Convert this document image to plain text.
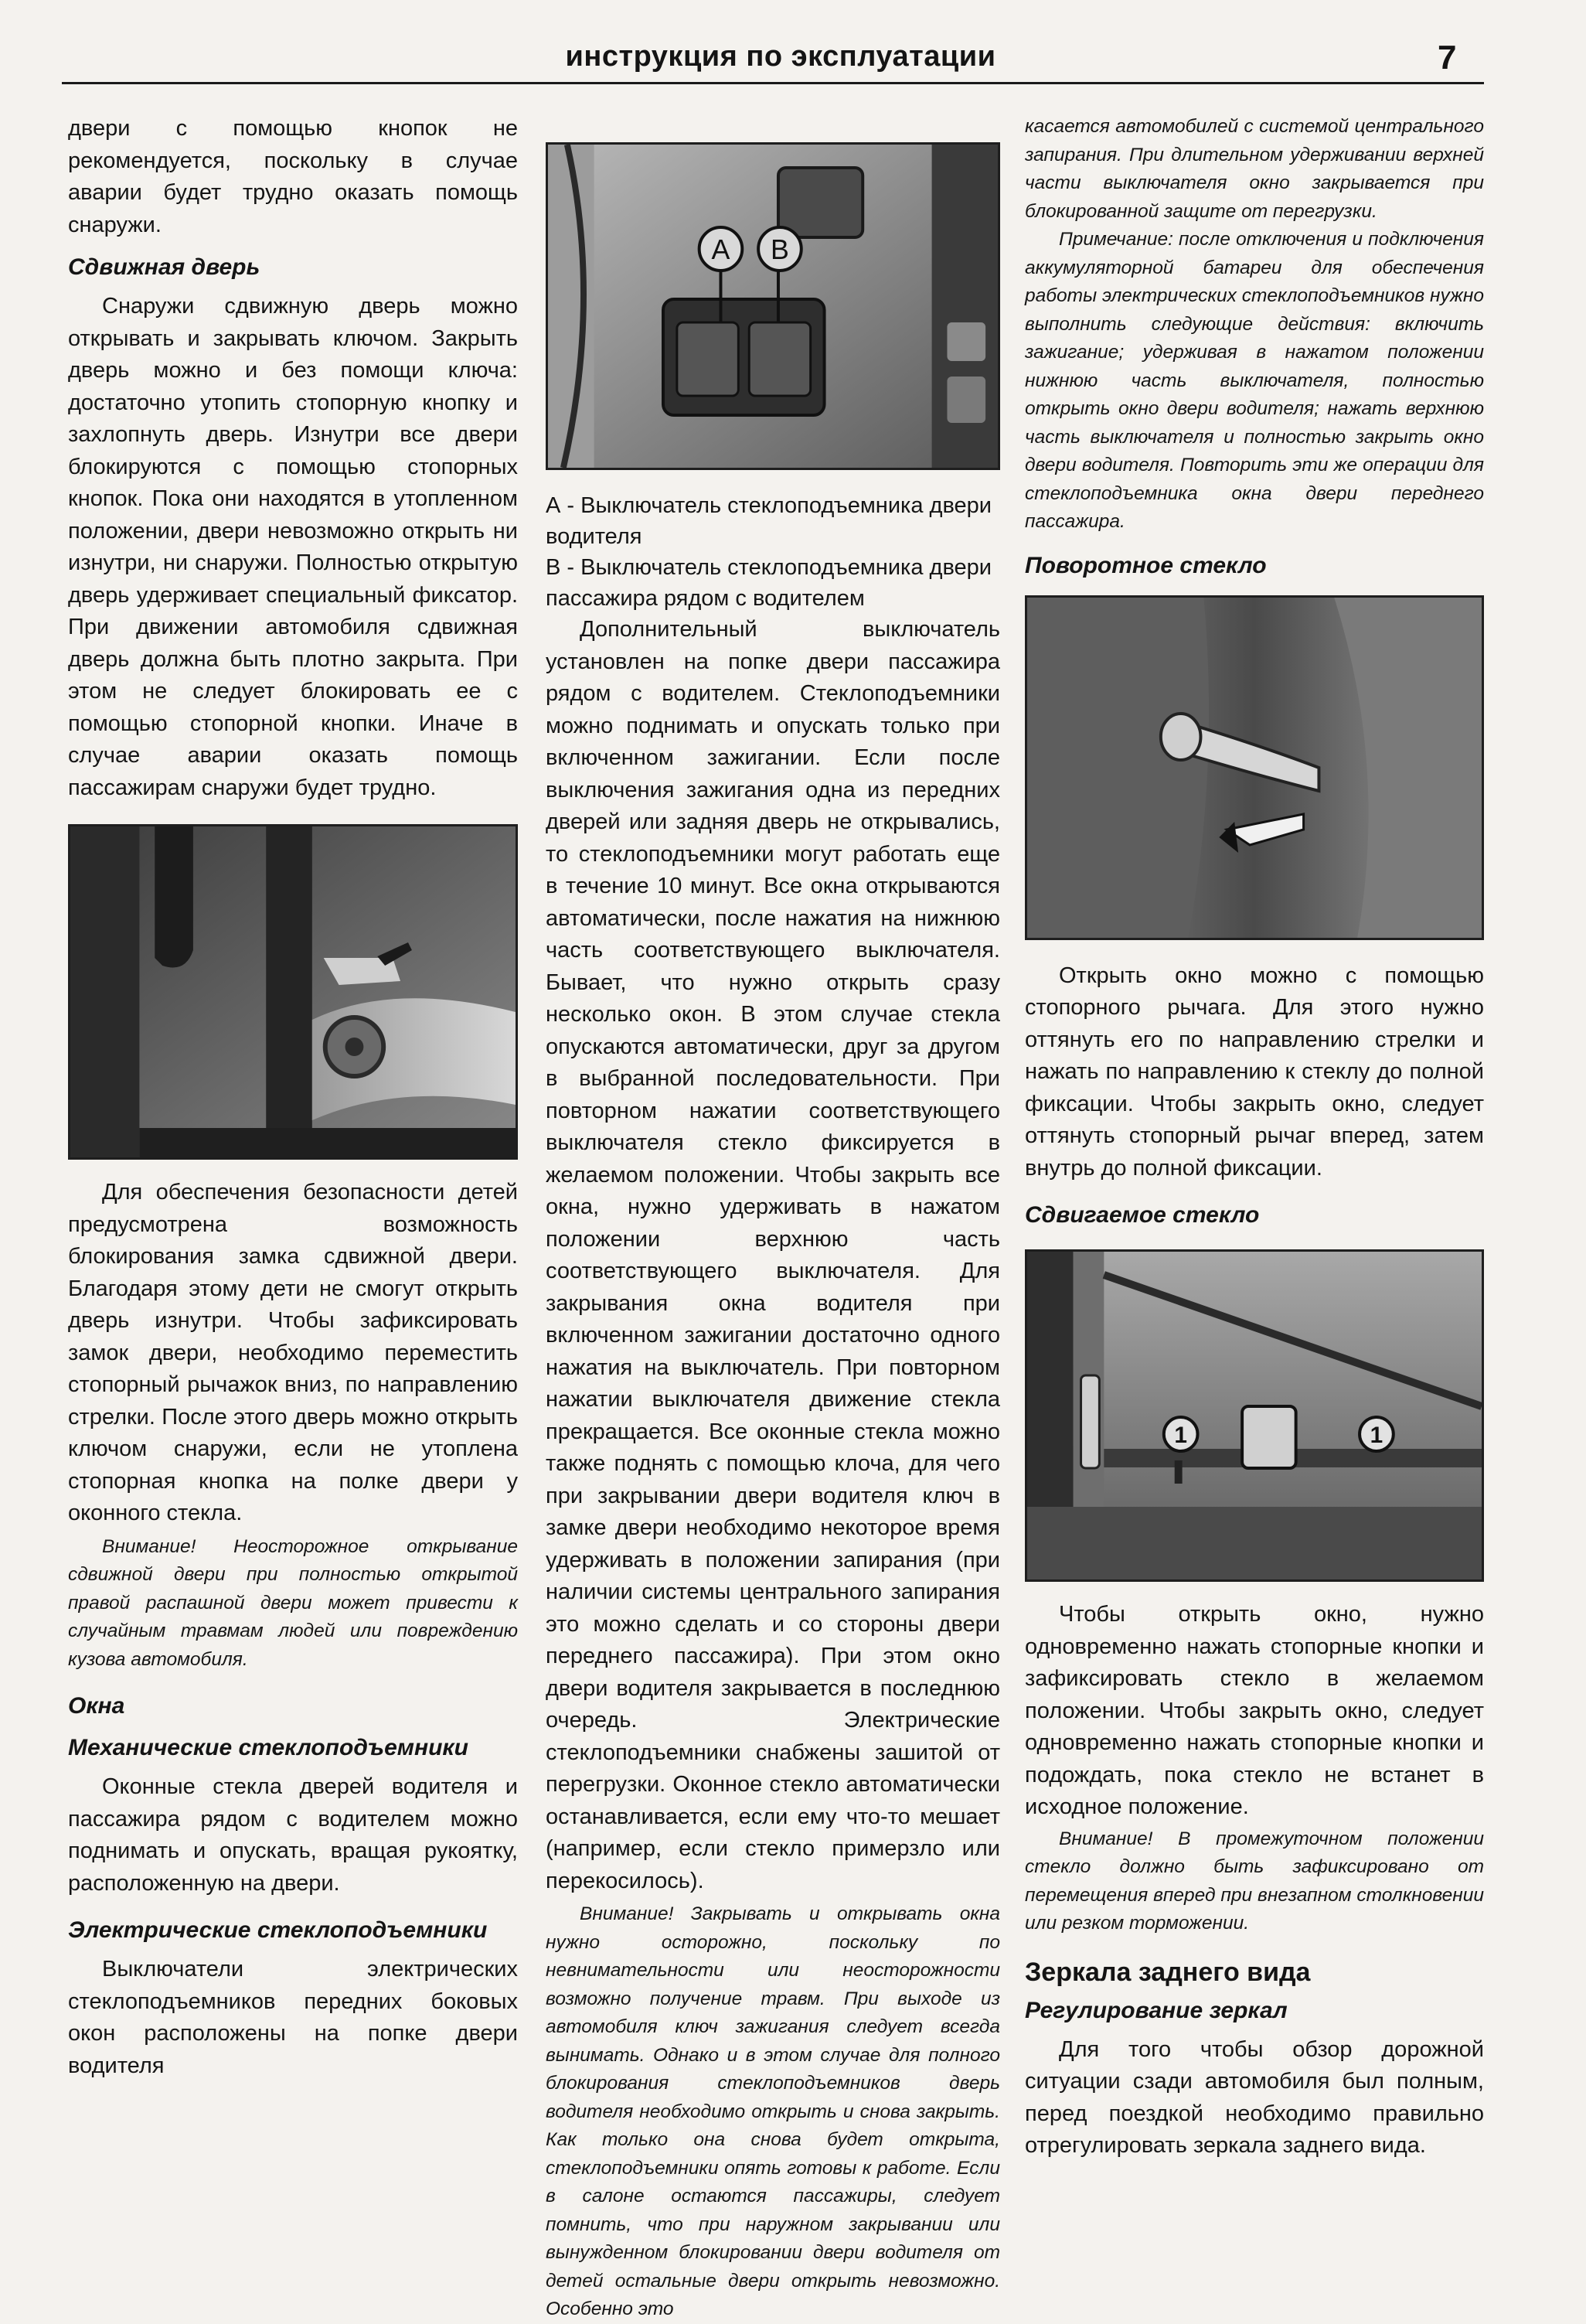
инструкция по эксплуатации	7

двери с помощью кнопок не рекомендуется, поскольку в случае аварии будет трудно оказать помощь снаружи.

Сдвижная дверь

Снаружи сдвижную дверь можно открывать и закрывать ключом. Закрыть дверь можно и без помощи ключа: достаточно утопить стопорную кнопку и захлопнуть дверь. Изнутри все двери блокируются с помощью стопорных кнопок. Пока они находятся в утопленном положении, двери невозможно открыть ни изнутри, ни снаружи. Полностью открытую дверь удерживает специальный фиксатор. При движении автомобиля сдвижная дверь должна быть плотно закрыта. При этом не следует блокировать ее с помощью стопорной кнопки. Иначе в случае аварии оказать помощь пассажирам снаружи будет трудно.

Для обеспечения безопасности детей предусмотрена возможность блокирования замка сдвижной двери. Благодаря этому дети не смогут открыть дверь изнутри. Чтобы зафиксировать замок двери, необходимо переместить стопорный рычажок вниз, по направлению стрелки. После этого дверь можно открыть ключом снаружи, если не утоплена стопорная кнопка на полке двери у оконного стекла.

Внимание! Неосторожное открывание сдвижной двери при полностью открытой правой распашной двери может привести к случайным травмам людей или повреждению кузова автомобиля.

Окна
Механические стеклоподъемники

Оконные стекла дверей водителя и пассажира рядом с водителем можно поднимать и опускать, вращая рукоятку, расположенную на двери.

Электрические стеклоподъемники

Выключатели электрических стеклоподъемников передних боковых окон расположены на попке двери водителя

A B

А - Выключатель стеклоподъемника двери водителя

В - Выключатель стеклоподъемника двери пассажира рядом с водителем

Дополнительный выключатель установлен на попке двери пассажира рядом с водителем. Стеклоподъемники можно поднимать и опускать только при включенном зажигании. Если после выключения зажигания одна из передних дверей или задняя дверь не открывались, то стеклоподъемники могут работать еще в течение 10 минут. Все окна открываются автоматически, после нажатия на нижнюю часть соответствующего выключателя. Бывает, что нужно открыть сразу несколько окон. В этом случае стекла опускаются автоматически, друг за другом в выбранной последовательности. При повторном нажатии соответствующего выключателя стекло фиксируется в желаемом положении. Чтобы закрыть все окна, нужно удерживать в нажатом положении верхнюю часть соответствующего выключателя. Для закрывания окна водителя при включенном зажигании достаточно одного нажатия на выключатель. При повторном нажатии выключателя движение стекла прекращается. Все оконные стекла можно также поднять с помощью клоча, для чего при закрывании двери водителя ключ в замке двери необходимо некоторое время удерживать в положении запирания (при наличии системы центрального запирания это можно сделать и со стороны двери переднего пассажира). При этом окно двери водителя закрывается в последнюю очередь. Электрические стеклоподъемники снабжены зашитой от перегрузки. Оконное стекло автоматически останавливается, если ему что-то мешает (например, если стекло примерзло или перекосилось).

Внимание! Закрывать и открывать окна нужно осторожно, поскольку по невнимательности или неосторожности возможно получение травм. При выходе из автомобиля ключ зажигания следует всегда вынимать. Однако и в этом случае для полного блокирования стеклоподъемников дверь водителя необходимо открыть и снова закрыть. Как только она снова будет открыта, стеклоподъемники опять готовы к работе. Если в салоне остаются пассажиры, следует помнить, что при наружном закрывании или вынужденном блокировании двери водителя от детей остальные двери открыть невозможно. Особенно это

касается автомобилей с системой центрального запирания. При длительном удерживании верхней части выключателя окно закрывается при блокированной защите от перегрузки.

Примечание: после отключения и подключения аккумуляторной батареи для обеспечения работы электрических стеклоподъемников нужно выполнить следующие действия: включить зажигание; удерживая в нажатом положении нижнюю часть выключателя, полностью открыть окно двери водителя; нажать верхнюю часть выключателя и полностью закрыть окно двери водителя. Повторить эти же операции для стеклоподъемника окна двери переднего пассажира.

Поворотное стекло

Открыть окно можно с помощью стопорного рычага. Для этого нужно оттянуть его по направлению стрелки и нажать по направлению к стеклу до полной фиксации. Чтобы закрыть окно, следует оттянуть стопорный рычаг вперед, затем внутрь до полной фиксации.

Сдвигаемое стекло
1	1

Чтобы открыть окно, нужно одновременно нажать стопорные кнопки и зафиксировать стекло в желаемом положении. Чтобы закрыть окно, следует одновременно нажать стопорные кнопки и подождать, пока стекло не встанет в исходное положение.

Внимание! В промежуточном положении стекло должно быть зафиксировано от перемещения вперед при внезапном столкновении или резком торможении.

Зеркала заднего вида
Регулирование зеркал

Для того чтобы обзор дорожной ситуации сзади автомобиля был полным, перед поездкой необходимо правильно отрегулировать зеркала заднего вида.
